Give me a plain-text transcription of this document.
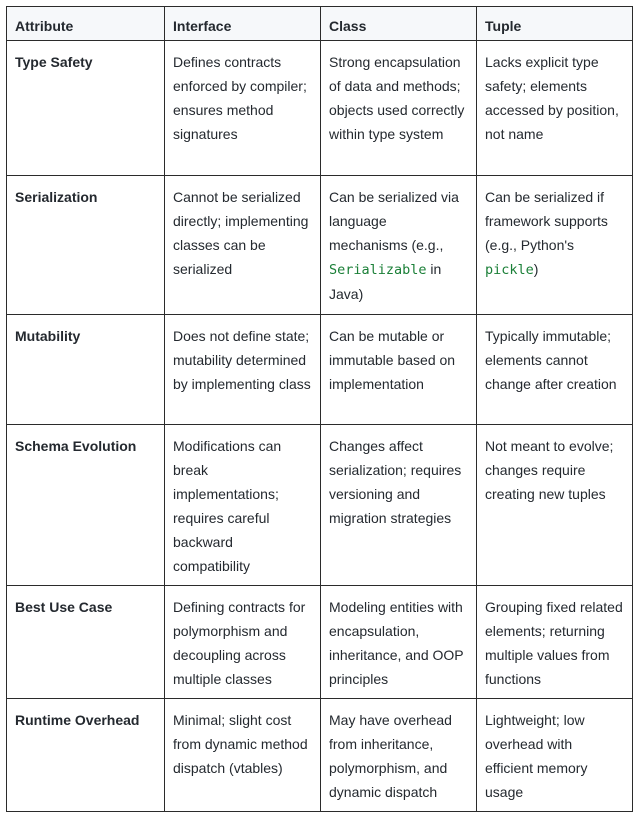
Attribute	Interface	Class	Tuple
Type Safety	Defines contracts enforced by compiler; ensures method signatures	Strong encapsulation of data and methods; objects used correctly within type system	Lacks explicit type safety; elements accessed by position, not name
Serialization	Cannot be serialized directly; implementing classes can be serialized	Can be serialized via language mechanisms (e.g., Serializable in Java)	Can be serialized if framework supports (e.g., Python's pickle)
Mutability	Does not define state; mutability determined by implementing class	Can be mutable or immutable based on implementation	Typically immutable; elements cannot change after creation
Schema Evolution	Modifications can break implementations; requires careful backward compatibility	Changes affect serialization; requires versioning and migration strategies	Not meant to evolve; changes require creating new tuples
Best Use Case	Defining contracts for polymorphism and decoupling across multiple classes	Modeling entities with encapsulation, inheritance, and OOP principles	Grouping fixed related elements; returning multiple values from functions
Runtime Overhead	Minimal; slight cost from dynamic method dispatch (vtables)	May have overhead from inheritance, polymorphism, and dynamic dispatch	Lightweight; low overhead with efficient memory usage
